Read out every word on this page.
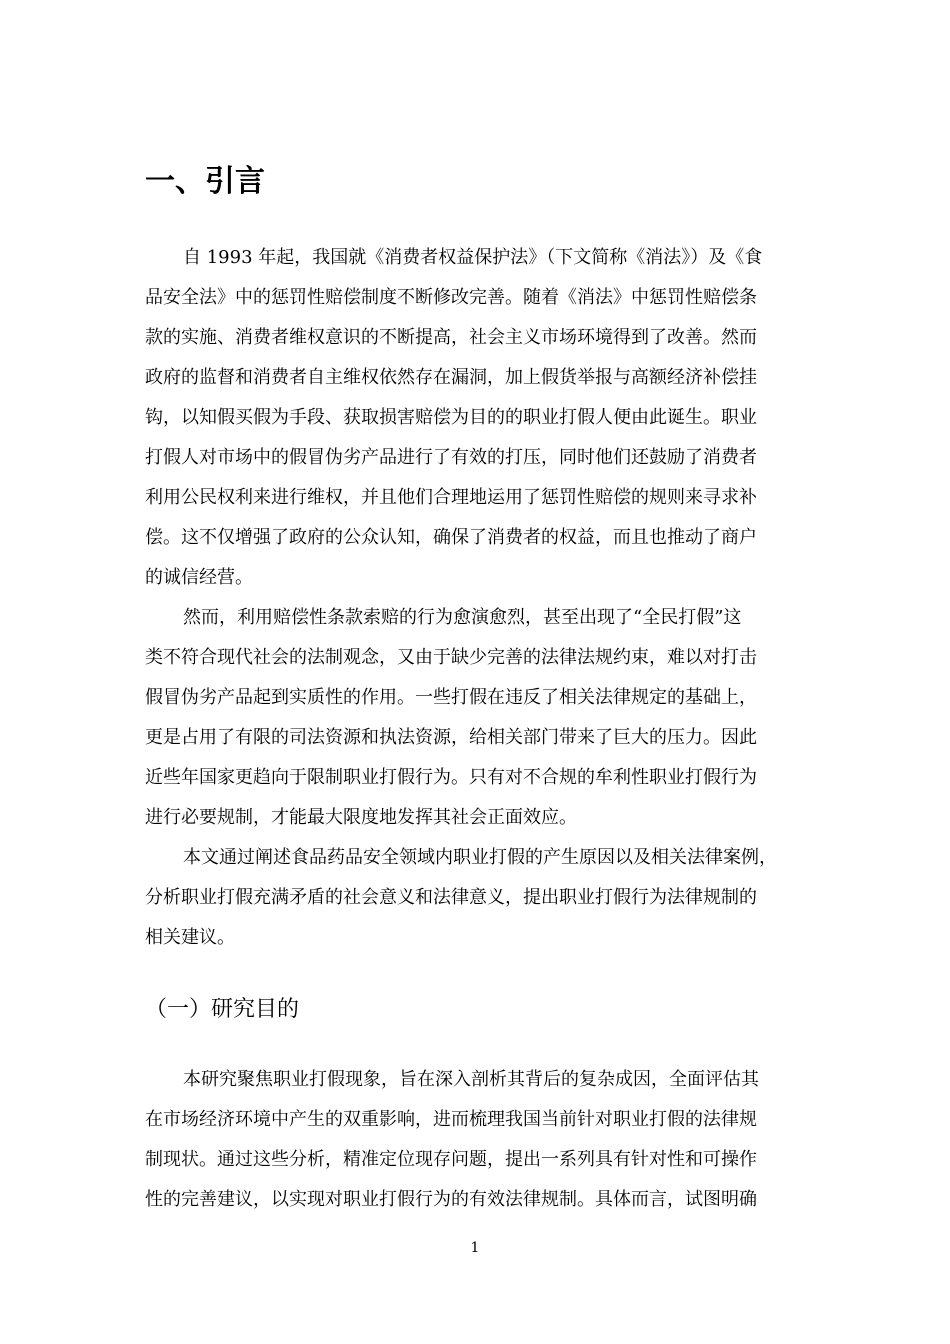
一、引言
自 1993 年起，我国就《消费者权益保护法》（下文简称《消法》）及《食
品安全法》中的惩罚性赔偿制度不断修改完善。随着《消法》中惩罚性赔偿条
款的实施、消费者维权意识的不断提高，社会主义市场环境得到了改善。然而
政府的监督和消费者自主维权依然存在漏洞，加上假货举报与高额经济补偿挂
钩，以知假买假为手段、获取损害赔偿为目的的职业打假人便由此诞生。职业
打假人对市场中的假冒伪劣产品进行了有效的打压，同时他们还鼓励了消费者
利用公民权利来进行维权，并且他们合理地运用了惩罚性赔偿的规则来寻求补
偿。这不仅增强了政府的公众认知，确保了消费者的权益，而且也推动了商户
的诚信经营。
然而，利用赔偿性条款索赔的行为愈演愈烈，甚至出现了“全民打假”这
类不符合现代社会的法制观念，又由于缺少完善的法律法规约束，难以对打击
假冒伪劣产品起到实质性的作用。一些打假在违反了相关法律规定的基础上，
更是占用了有限的司法资源和执法资源，给相关部门带来了巨大的压力。因此
近些年国家更趋向于限制职业打假行为。只有对不合规的牟利性职业打假行为
进行必要规制，才能最大限度地发挥其社会正面效应。
本文通过阐述食品药品安全领域内职业打假的产生原因以及相关法律案例，
分析职业打假充满矛盾的社会意义和法律意义，提出职业打假行为法律规制的
相关建议。
（一）研究目的
本研究聚焦职业打假现象，旨在深入剖析其背后的复杂成因，全面评估其
在市场经济环境中产生的双重影响，进而梳理我国当前针对职业打假的法律规
制现状。通过这些分析，精准定位现存问题，提出一系列具有针对性和可操作
性的完善建议，以实现对职业打假行为的有效法律规制。具体而言，试图明确
1
